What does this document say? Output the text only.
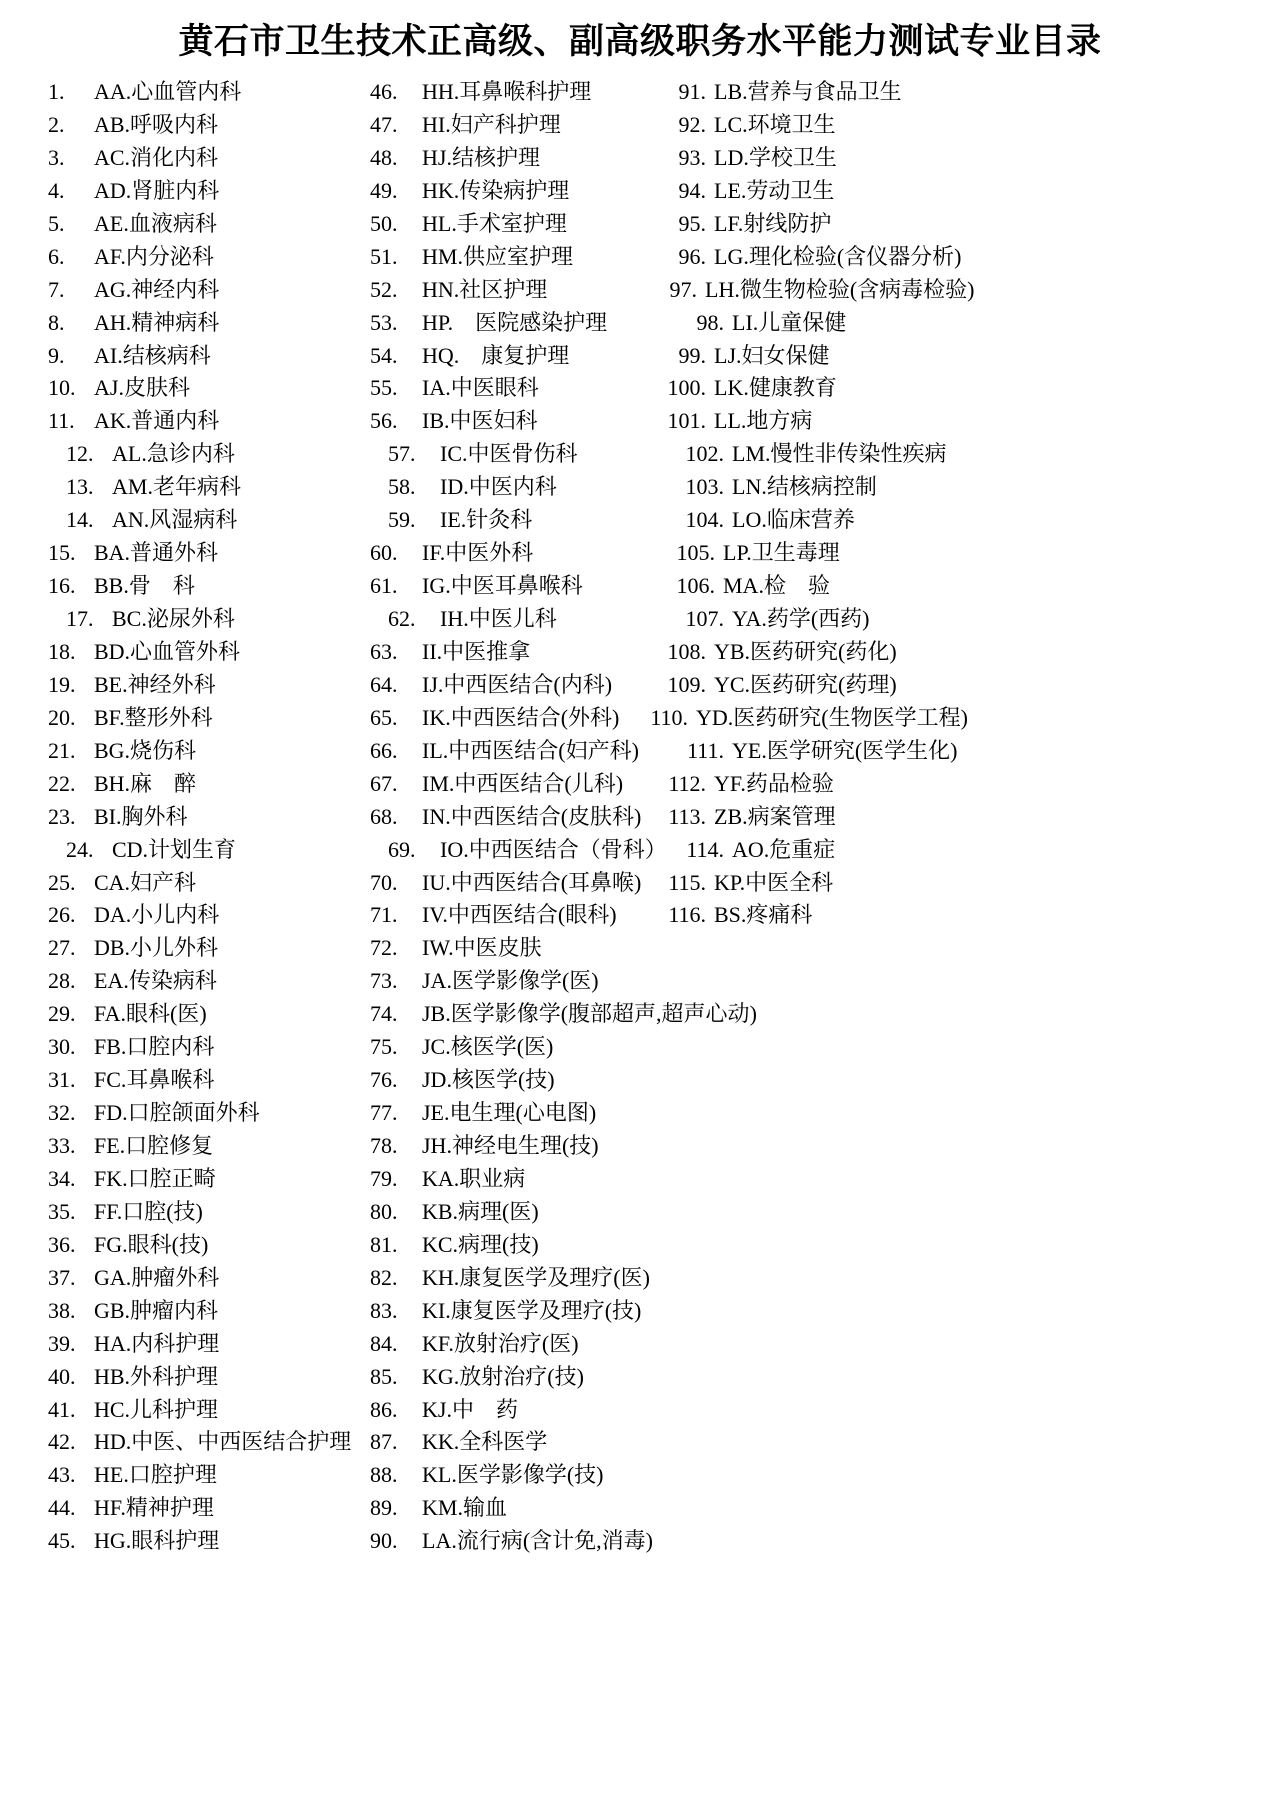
黄石市卫生技术正高级、副高级职务水平能力测试专业目录
1. AA.心血管内科
2. AB.呼吸内科
3. AC.消化内科
4. AD.肾脏内科
5. AE.血液病科
6. AF.内分泌科
7. AG.神经内科
8. AH.精神病科
9. AI.结核病科
10. AJ.皮肤科
11. AK.普通内科
12. AL.急诊内科
13. AM.老年病科
14. AN.风湿病科
15. BA.普通外科
16. BB.骨　科
17. BC.泌尿外科
18. BD.心血管外科
19. BE.神经外科
20. BF.整形外科
21. BG.烧伤科
22. BH.麻　醉
23. BI.胸外科
24. CD.计划生育
25. CA.妇产科
26. DA.小儿内科
27. DB.小儿外科
28. EA.传染病科
29. FA.眼科(医)
30. FB.口腔内科
31. FC.耳鼻喉科
32. FD.口腔颌面外科
33. FE.口腔修复
34. FK.口腔正畸
35. FF.口腔(技)
36. FG.眼科(技)
37. GA.肿瘤外科
38. GB.肿瘤内科
39. HA.内科护理
40. HB.外科护理
41. HC.儿科护理
42. HD.中医、中西医结合护理
43. HE.口腔护理
44. HF.精神护理
45. HG.眼科护理
46. HH.耳鼻喉科护理
47. HI.妇产科护理
48. HJ.结核护理
49. HK.传染病护理
50. HL.手术室护理
51. HM.供应室护理
52. HN.社区护理
53. HP.　医院感染护理
54. HQ.　康复护理
55. IA.中医眼科
56. IB.中医妇科
57. IC.中医骨伤科
58. ID.中医内科
59. IE.针灸科
60. IF.中医外科
61. IG.中医耳鼻喉科
62. IH.中医儿科
63. II.中医推拿
64. IJ.中西医结合(内科)
65. IK.中西医结合(外科)
66. IL.中西医结合(妇产科)
67. IM.中西医结合(儿科)
68. IN.中西医结合(皮肤科)
69. IO.中西医结合（骨科）
70. IU.中西医结合(耳鼻喉)
71. IV.中西医结合(眼科)
72. IW.中医皮肤
73. JA.医学影像学(医)
74. JB.医学影像学(腹部超声,超声心动)
75. JC.核医学(医)
76. JD.核医学(技)
77. JE.电生理(心电图)
78. JH.神经电生理(技)
79. KA.职业病
80. KB.病理(医)
81. KC.病理(技)
82. KH.康复医学及理疗(医)
83. KI.康复医学及理疗(技)
84. KF.放射治疗(医)
85. KG.放射治疗(技)
86. KJ.中　药
87. KK.全科医学
88. KL.医学影像学(技)
89. KM.输血
90. LA.流行病(含计免,消毒)
91. LB.营养与食品卫生
92. LC.环境卫生
93. LD.学校卫生
94. LE.劳动卫生
95. LF.射线防护
96. LG.理化检验(含仪器分析)
97. LH.微生物检验(含病毒检验)
98. LI.儿童保健
99. LJ.妇女保健
100. LK.健康教育
101. LL.地方病
102. LM.慢性非传染性疾病
103. LN.结核病控制
104. LO.临床营养
105. LP.卫生毒理
106. MA.检　验
107. YA.药学(西药)
108. YB.医药研究(药化)
109. YC.医药研究(药理)
110. YD.医药研究(生物医学工程)
111. YE.医学研究(医学生化)
112. YF.药品检验
113. ZB.病案管理
114. AO.危重症
115. KP.中医全科
116. BS.疼痛科
